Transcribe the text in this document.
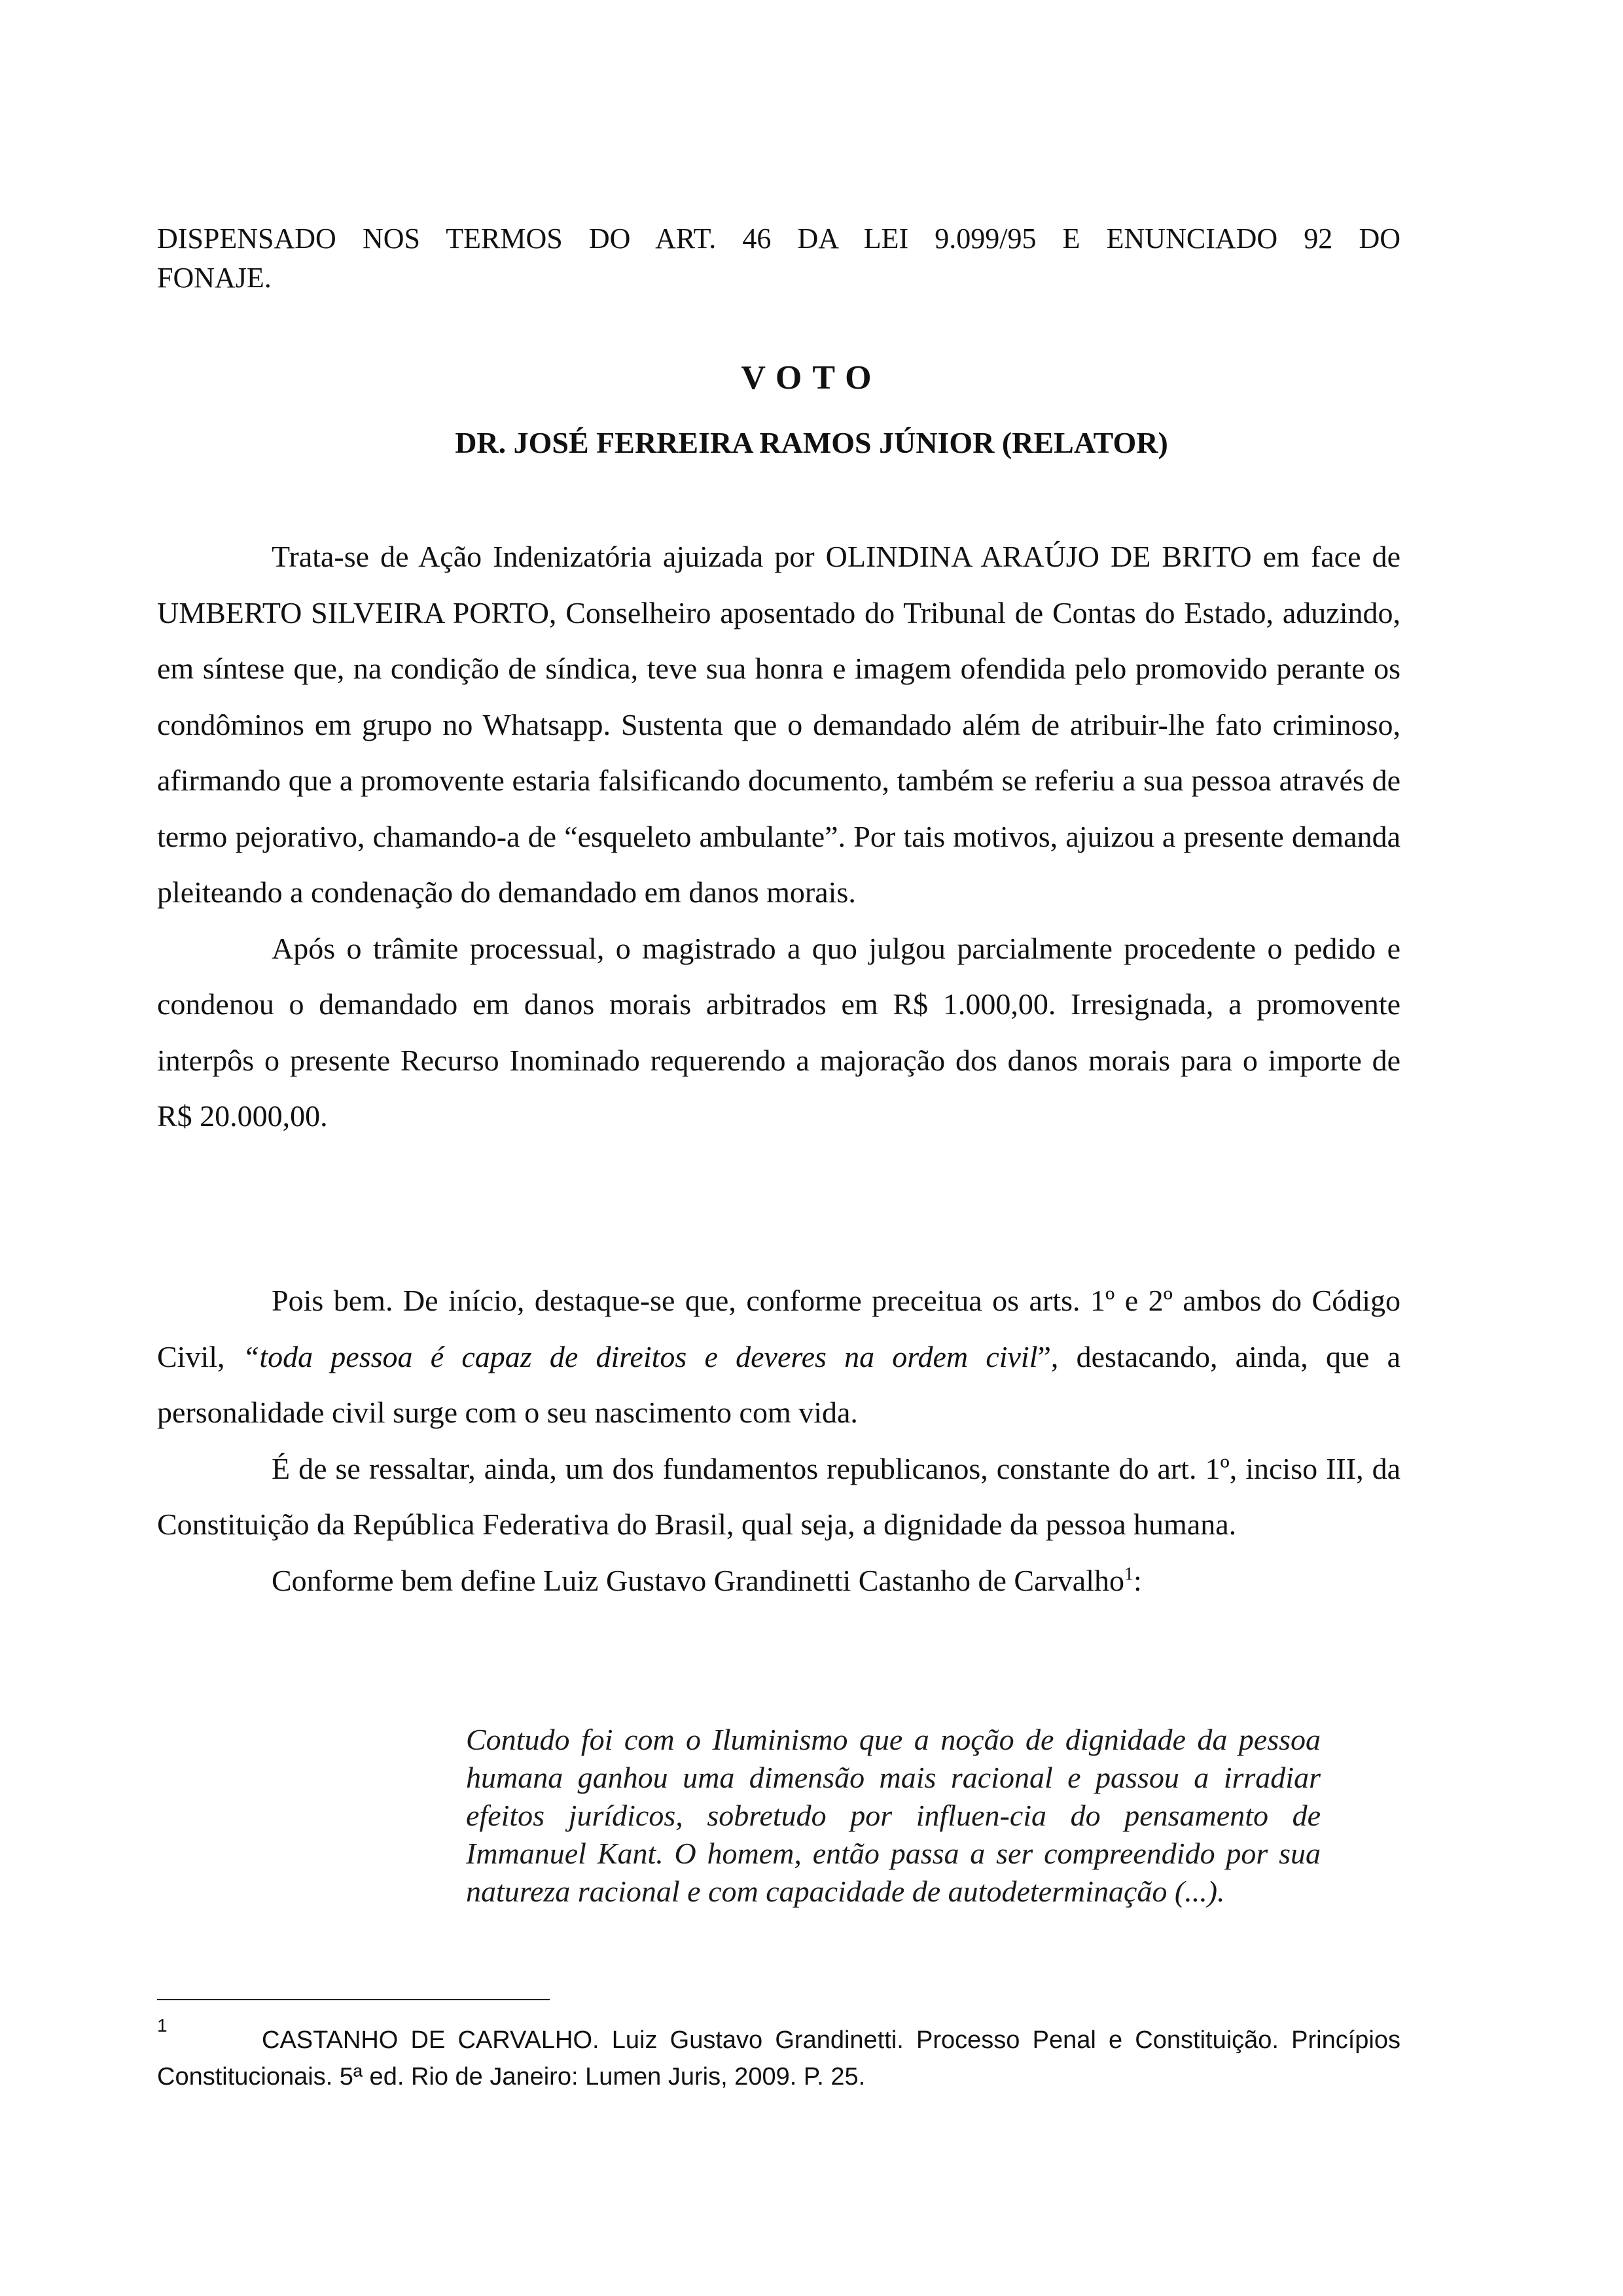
DISPENSADO NOS TERMOS DO ART. 46 DA LEI 9.099/95 E ENUNCIADO 92 DO
FONAJE.
VOTO
DR. JOSÉ FERREIRA RAMOS JÚNIOR (RELATOR)

Trata-se de Ação Indenizatória ajuizada por OLINDINA ARAÚJO DE BRITO em face de UMBERTO SILVEIRA PORTO, Conselheiro aposentado do Tribunal de Contas do Estado, aduzindo, em síntese que, na condição de síndica, teve sua honra e imagem ofendida pelo promovido perante os condôminos em grupo no Whatsapp. Sustenta que o demandado além de atribuir-lhe fato criminoso, afirmando que a promovente estaria falsificando documento, também se referiu a sua pessoa através de termo pejorativo, chamando-a de “esqueleto ambulante”. Por tais motivos, ajuizou a presente demanda pleiteando a condenação do demandado em danos morais.

Após o trâmite processual, o magistrado a quo julgou parcialmente procedente o pedido e condenou o demandado em danos morais arbitrados em R$ 1.000,00. Irresignada, a promovente interpôs o presente Recurso Inominado requerendo a majoração dos danos morais para o importe de R$ 20.000,00.

Pois bem. De início, destaque-se que, conforme preceitua os arts. 1º e 2º ambos do Código Civil, “toda pessoa é capaz de direitos e deveres na ordem civil”, destacando, ainda, que a personalidade civil surge com o seu nascimento com vida.

É de se ressaltar, ainda, um dos fundamentos republicanos, constante do art. 1º, inciso III, da Constituição da República Federativa do Brasil, qual seja, a dignidade da pessoa humana.

Conforme bem define Luiz Gustavo Grandinetti Castanho de Carvalho$^1$:

Contudo foi com o Iluminismo que a noção de dignidade da pessoa humana ganhou uma dimensão mais racional e passou a irradiar efeitos jurídicos, sobretudo por influen-cia do pensamento de Immanuel Kant. O homem, então passa a ser compreendido por sua natureza racional e com capacidade de autodeterminação (...).
1
CASTANHO DE CARVALHO. Luiz Gustavo Grandinetti. Processo Penal e Constituição. Princípios Constitucionais. 5ª ed. Rio de Janeiro: Lumen Juris, 2009. P. 25.
